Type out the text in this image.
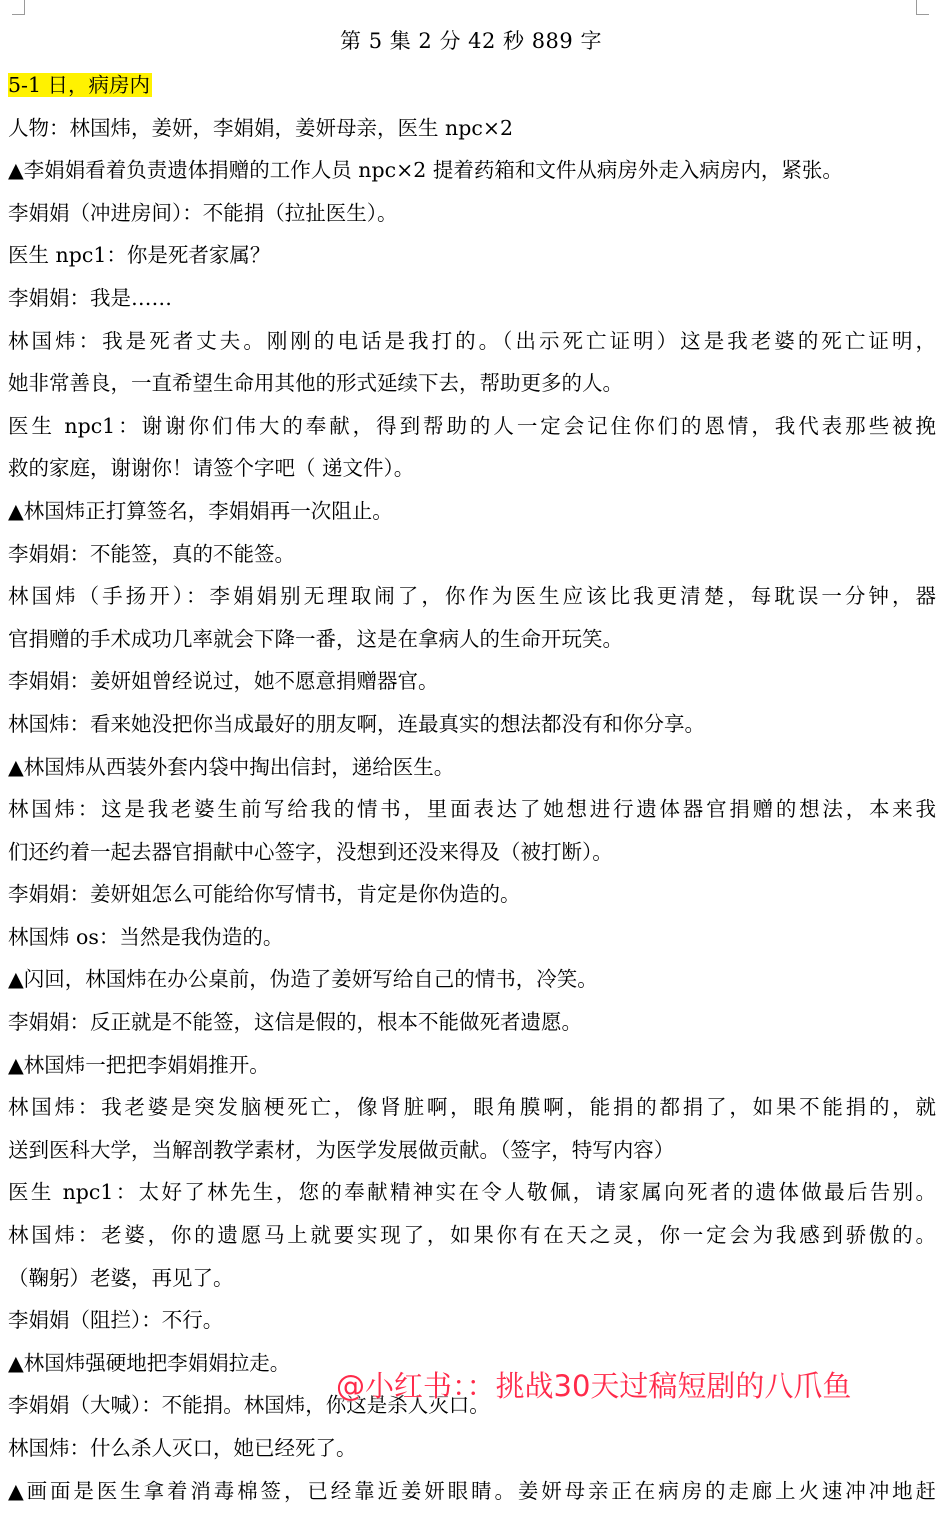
第 5 集 2 分 42 秒 889 字
5-1 日，病房内
人物：林国炜，姜妍，李娟娟，姜妍母亲，医生 npc×2
▲李娟娟看着负责遗体捐赠的工作人员 npc×2 提着药箱和文件从病房外走入病房内，紧张。
李娟娟（冲进房间）：不能捐（拉扯医生）。
医生 npc1：你是死者家属？
李娟娟：我是……
林国炜：我是死者丈夫。刚刚的电话是我打的。（出示死亡证明）这是我老婆的死亡证明，
她非常善良，一直希望生命用其他的形式延续下去，帮助更多的人。
医生 npc1：谢谢你们伟大的奉献，得到帮助的人一定会记住你们的恩情，我代表那些被挽
救的家庭，谢谢你！请签个字吧（ 递文件）。
▲林国炜正打算签名，李娟娟再一次阻止。
李娟娟：不能签，真的不能签。
林国炜（手扬开）：李娟娟别无理取闹了，你作为医生应该比我更清楚，每耽误一分钟，器
官捐赠的手术成功几率就会下降一番，这是在拿病人的生命开玩笑。
李娟娟：姜妍姐曾经说过，她不愿意捐赠器官。
林国炜：看来她没把你当成最好的朋友啊，连最真实的想法都没有和你分享。
▲林国炜从西装外套内袋中掏出信封，递给医生。
林国炜：这是我老婆生前写给我的情书，里面表达了她想进行遗体器官捐赠的想法，本来我
们还约着一起去器官捐献中心签字，没想到还没来得及（被打断）。
李娟娟：姜妍姐怎么可能给你写情书，肯定是你伪造的。
林国炜 os：当然是我伪造的。
▲闪回，林国炜在办公桌前，伪造了姜妍写给自己的情书，冷笑。
李娟娟：反正就是不能签，这信是假的，根本不能做死者遗愿。
▲林国炜一把把李娟娟推开。
林国炜：我老婆是突发脑梗死亡，像肾脏啊，眼角膜啊，能捐的都捐了，如果不能捐的，就
送到医科大学，当解剖教学素材，为医学发展做贡献。（签字，特写内容）
医生 npc1：太好了林先生，您的奉献精神实在令人敬佩，请家属向死者的遗体做最后告别。
林国炜：老婆，你的遗愿马上就要实现了，如果你有在天之灵，你一定会为我感到骄傲的。
（鞠躬）老婆，再见了。
李娟娟（阻拦）：不行。
▲林国炜强硬地把李娟娟拉走。
李娟娟（大喊）：不能捐。林国炜，你这是杀人灭口。
林国炜：什么杀人灭口，她已经死了。
▲画面是医生拿着消毒棉签，已经靠近姜妍眼睛。姜妍母亲正在病房的走廊上火速冲冲地赶
@小红书：：挑战30天过稿短剧的八爪鱼
